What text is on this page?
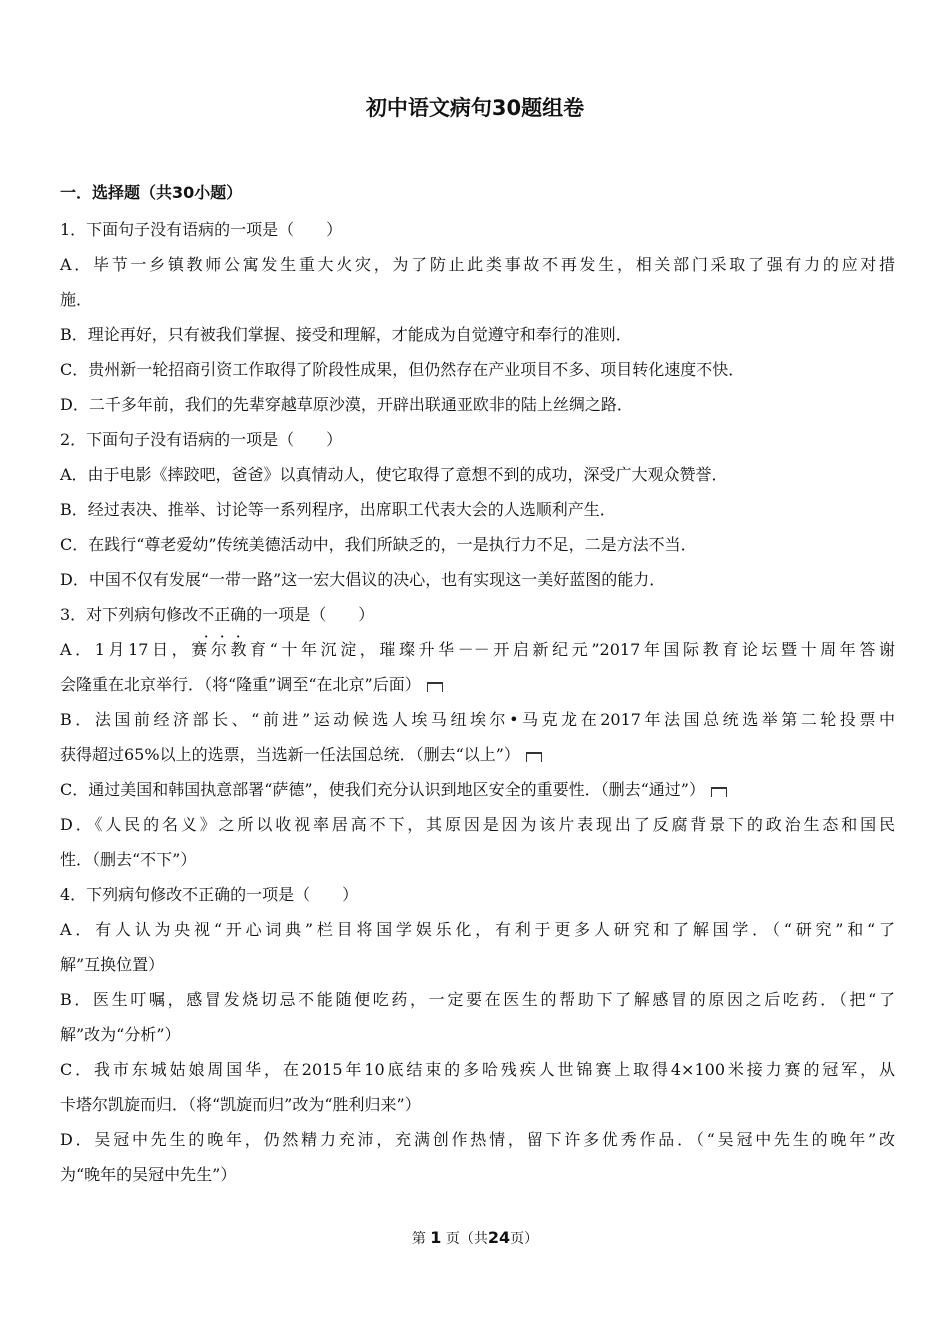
初中语文病句30题组卷
一．选择题（共30小题）
1．下面句子没有语病的一项是（　　）
A．毕节一乡镇教师公寓发生重大火灾，为了防止此类事故不再发生，相关部门采取了强有力的应对措
施．
B．理论再好，只有被我们掌握、接受和理解，才能成为自觉遵守和奉行的准则．
C．贵州新一轮招商引资工作取得了阶段性成果，但仍然存在产业项目不多、项目转化速度不快．
D．二千多年前，我们的先辈穿越草原沙漠，开辟出联通亚欧非的陆上丝绸之路．
2．下面句子没有语病的一项是（　　）
A．由于电影《摔跤吧，爸爸》以真情动人，使它取得了意想不到的成功，深受广大观众赞誉．
B．经过表决、推举、讨论等一系列程序，出席职工代表大会的人选顺利产生．
C．在践行“尊老爱幼”传统美德活动中，我们所缺乏的，一是执行力不足，二是方法不当．
D．中国不仅有发展“一带一路”这一宏大倡议的决心，也有实现这一美好蓝图的能力．
3．对下列病句修改不正确的一项是（　　）
A．1月17日，赛尔教育“十年沉淀，璀璨升华－－开启新纪元”2017年国际教育论坛暨十周年答谢
会隆重在北京举行．（将“隆重”调至“在北京”后面）
B．法国前经济部长、“前进”运动候选人埃马纽埃尔•马克龙在2017年法国总统选举第二轮投票中
获得超过65%以上的选票，当选新一任法国总统．（删去“以上”）
C．通过美国和韩国执意部署“萨德”，使我们充分认识到地区安全的重要性．（删去“通过”）
D．《人民的名义》之所以收视率居高不下，其原因是因为该片表现出了反腐背景下的政治生态和国民
性．（删去“不下”）
4．下列病句修改不正确的一项是（　　）
A．有人认为央视“开心词典”栏目将国学娱乐化，有利于更多人研究和了解国学．（“研究”和“了
解”互换位置）
B．医生叮嘱，感冒发烧切忌不能随便吃药，一定要在医生的帮助下了解感冒的原因之后吃药．（把“了
解”改为“分析”）
C．我市东城姑娘周国华，在2015年10底结束的多哈残疾人世锦赛上取得4×100米接力赛的冠军，从
卡塔尔凯旋而归．（将“凯旋而归”改为“胜利归来”）
D．吴冠中先生的晚年，仍然精力充沛，充满创作热情，留下许多优秀作品．（“吴冠中先生的晚年”改
为“晚年的吴冠中先生”）
第 1 页（共24页）
